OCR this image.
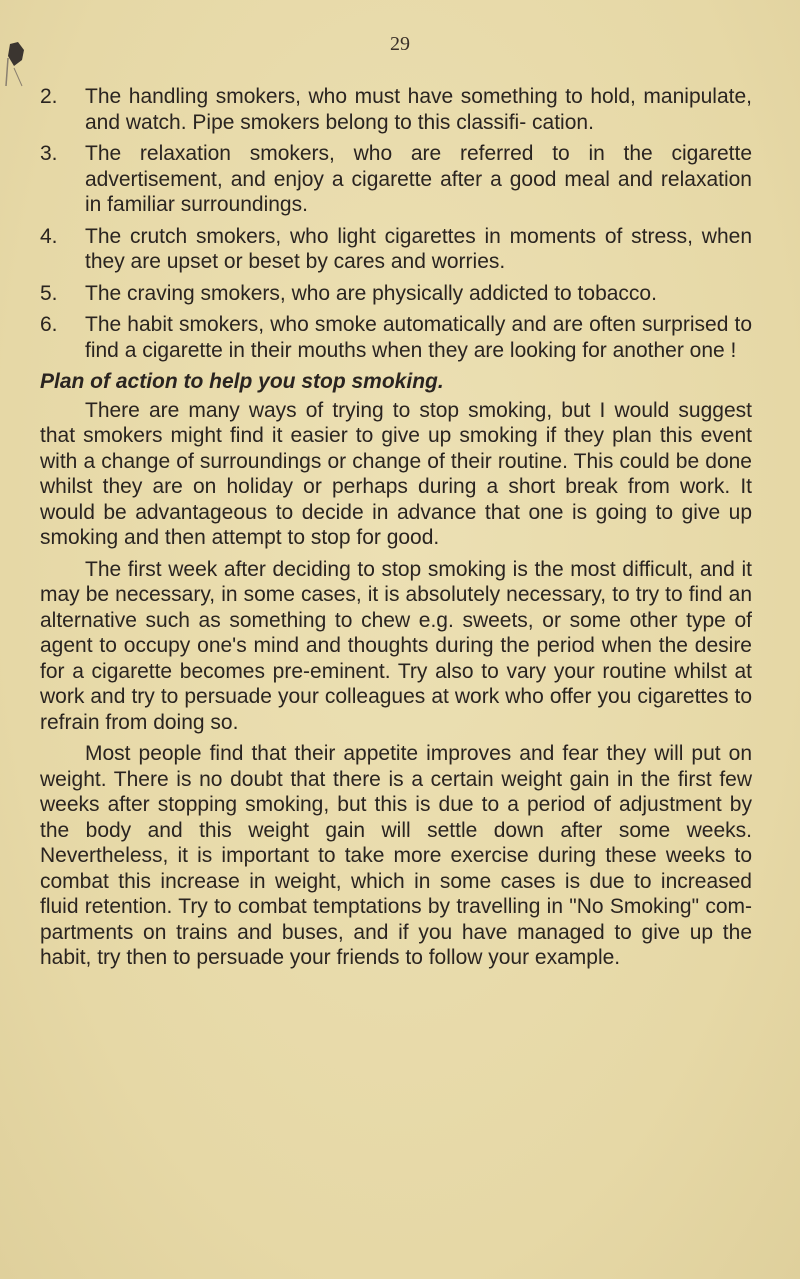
29
2.	The handling smokers, who must have something to hold, manipulate, and watch. Pipe smokers belong to this classifi- cation.
3.	The relaxation smokers, who are referred to in the cigarette advertisement, and enjoy a cigarette after a good meal and relaxation in familiar surroundings.
4.	The crutch smokers, who light cigarettes in moments of stress, when they are upset or beset by cares and worries.
5.	The craving smokers, who are physically addicted to tobacco.
6.	The habit smokers, who smoke automatically and are often surprised to find a cigarette in their mouths when they are looking for another one !
Plan of action to help you stop smoking.

There are many ways of trying to stop smoking, but I would suggest that smokers might find it easier to give up smoking if they plan this event with a change of surroundings or change of their routine. This could be done whilst they are on holiday or perhaps during a short break from work. It would be advantageous to decide in advance that one is going to give up smoking and then attempt to stop for good.

The first week after deciding to stop smoking is the most difficult, and it may be necessary, in some cases, it is absolutely necessary, to try to find an alternative such as something to chew e.g. sweets, or some other type of agent to occupy one's mind and thoughts during the period when the desire for a cigarette becomes pre-eminent. Try also to vary your routine whilst at work and try to persuade your colleagues at work who offer you cigarettes to refrain from doing so.

Most people find that their appetite improves and fear they will put on weight. There is no doubt that there is a certain weight gain in the first few weeks after stopping smoking, but this is due to a period of adjustment by the body and this weight gain will settle down after some weeks. Nevertheless, it is important to take more exercise during these weeks to combat this increase in weight, which in some cases is due to increased fluid retention. Try to combat temptations by travelling in "No Smoking" com- partments on trains and buses, and if you have managed to give up the habit, try then to persuade your friends to follow your example.
